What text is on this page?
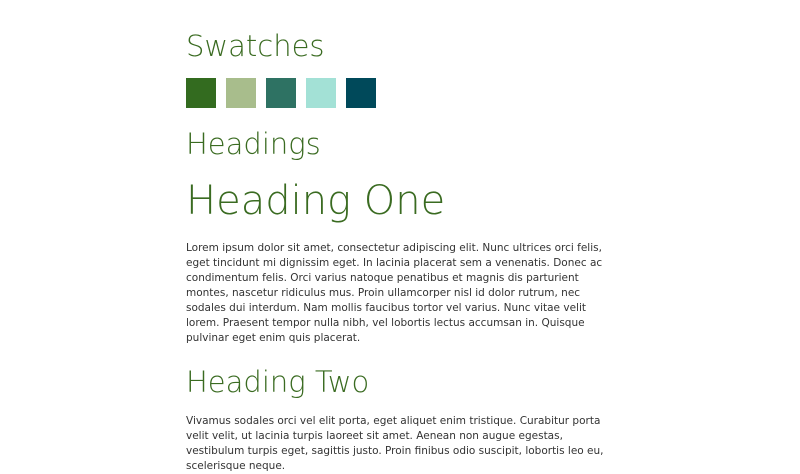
Swatches
Headings
Heading One

Lorem ipsum dolor sit amet, consectetur adipiscing elit. Nunc ultrices orci felis, eget tincidunt mi dignissim eget. In lacinia placerat sem a venenatis. Donec ac condimentum felis. Orci varius natoque penatibus et magnis dis parturient montes, nascetur ridiculus mus. Proin ullamcorper nisl id dolor rutrum, nec sodales dui interdum. Nam mollis faucibus tortor vel varius. Nunc vitae velit lorem. Praesent tempor nulla nibh, vel lobortis lectus accumsan in. Quisque pulvinar eget enim quis placerat.

Heading Two

Vivamus sodales orci vel elit porta, eget aliquet enim tristique. Curabitur porta velit velit, ut lacinia turpis laoreet sit amet. Aenean non augue egestas, vestibulum turpis eget, sagittis justo. Proin finibus odio suscipit, lobortis leo eu, scelerisque neque.
